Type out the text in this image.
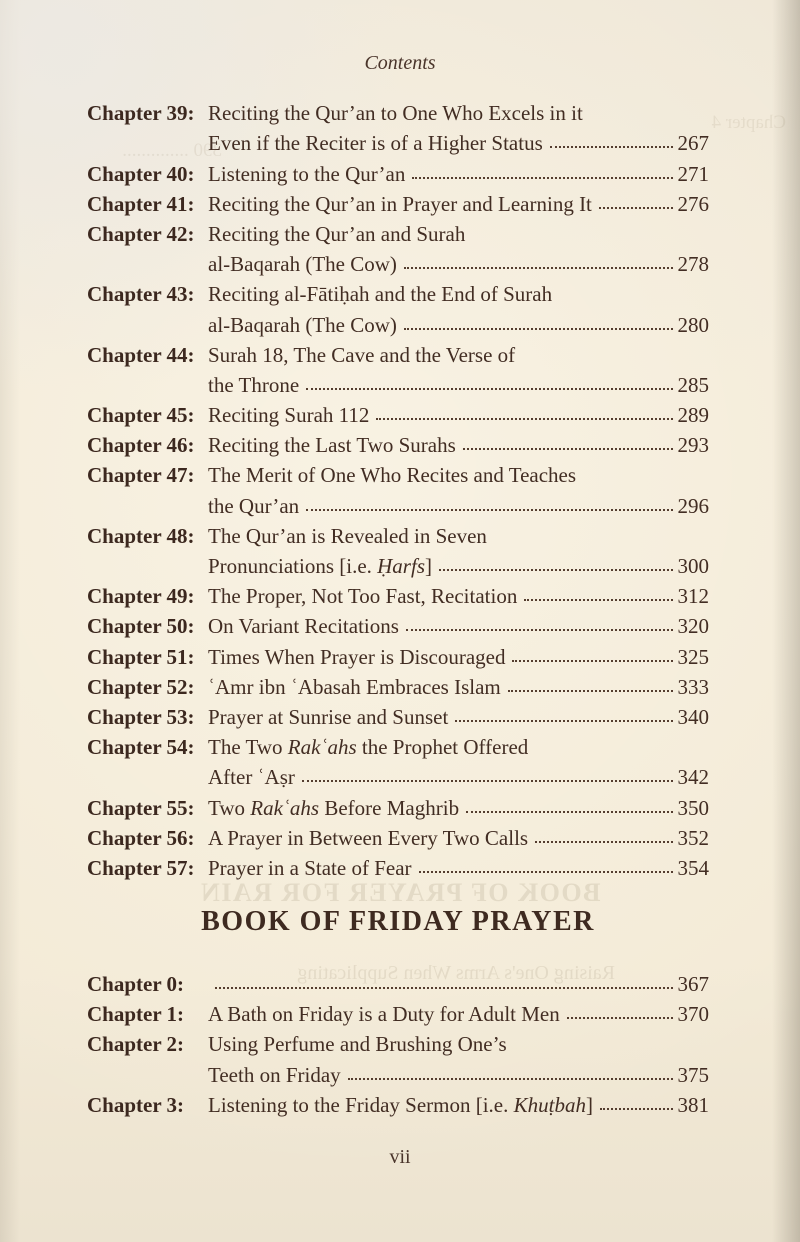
Contents
BOOK OF PRAYER FOR RAIN
Raising One's Arms When Supplicating
Chapter 4
390 ..............
Chapter 39: Reciting the Qur’an to One Who Excels in it
Even if the Reciter is of a Higher Status	267
Chapter 40: Listening to the Qur’an	271
Chapter 41: Reciting the Qur’an in Prayer and Learning It	276
Chapter 42: Reciting the Qur’an and Surah
al-Baqarah (The Cow)	278
Chapter 43: Reciting al-Fātiḥah and the End of Surah
al-Baqarah (The Cow)	280
Chapter 44: Surah 18, The Cave and the Verse of
the Throne	285
Chapter 45: Reciting Surah 112	289
Chapter 46: Reciting the Last Two Surahs	293
Chapter 47: The Merit of One Who Recites and Teaches
the Qur’an	296
Chapter 48: The Qur’an is Revealed in Seven
Pronunciations [i.e. Ḥarfs]	300
Chapter 49: The Proper, Not Too Fast, Recitation	312
Chapter 50: On Variant Recitations	320
Chapter 51: Times When Prayer is Discouraged	325
Chapter 52: ʿAmr ibn ʿAbasah Embraces Islam	333
Chapter 53: Prayer at Sunrise and Sunset	340
Chapter 54: The Two Rakʿahs the Prophet Offered
After ʿAṣr	342
Chapter 55: Two Rakʿahs Before Maghrib	350
Chapter 56: A Prayer in Between Every Two Calls	352
Chapter 57: Prayer in a State of Fear	354
BOOK OF FRIDAY PRAYER
Chapter 0:	367
Chapter 1:	A Bath on Friday is a Duty for Adult Men	370
Chapter 2:	Using Perfume and Brushing One’s
Teeth on Friday	375
Chapter 3:	Listening to the Friday Sermon [i.e. Khuṭbah]	381
vii
